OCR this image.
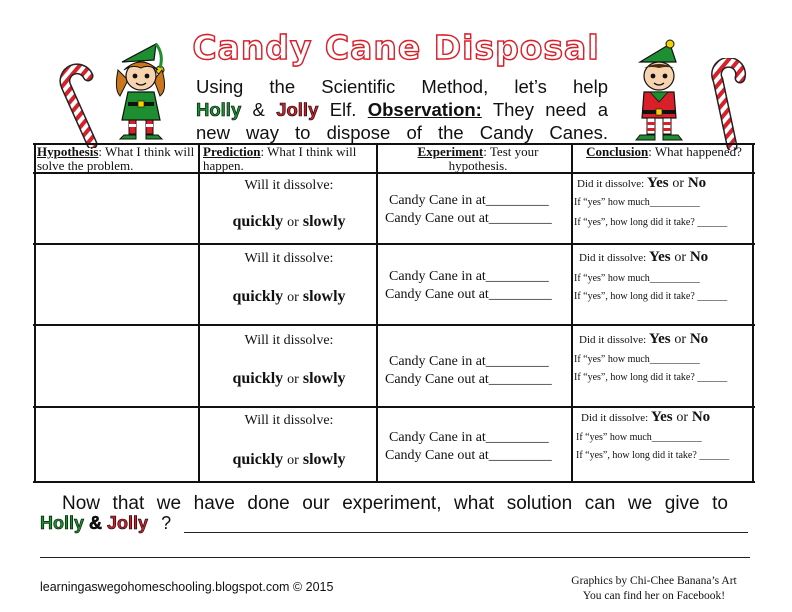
Candy Cane Disposal
Using the Scientific Method, let’s help
Holly & Jolly Elf. Observation: They need a
new way to dispose of the Candy Canes.
Hypothesis: What I think will solve the problem.
Prediction: What I think will happen.
Experiment: Test your hypothesis.
Conclusion: What happened?
Will it dissolve:
quickly or slowly
Candy Cane in at_________
Candy Cane out at_________
Did it dissolve: Yes or No
If “yes” how much__________
If “yes”, how long did it take? ______
Will it dissolve:
quickly or slowly
Candy Cane in at_________
Candy Cane out at_________
Did it dissolve: Yes or No
If “yes” how much__________
If “yes”, how long did it take? ______
Will it dissolve:
quickly or slowly
Candy Cane in at_________
Candy Cane out at_________
Did it dissolve: Yes or No
If “yes” how much__________
If “yes”, how long did it take? ______
Will it dissolve:
quickly or slowly
Candy Cane in at_________
Candy Cane out at_________
Did it dissolve: Yes or No
If “yes” how much__________
If “yes”, how long did it take? ______
Now that we have done our experiment, what solution can we give to
Holly & Jolly ?
learningaswegohomeschooling.blogspot.com © 2015	Graphics by Chi-Chee Banana’s Art
You can find her on Facebook!
